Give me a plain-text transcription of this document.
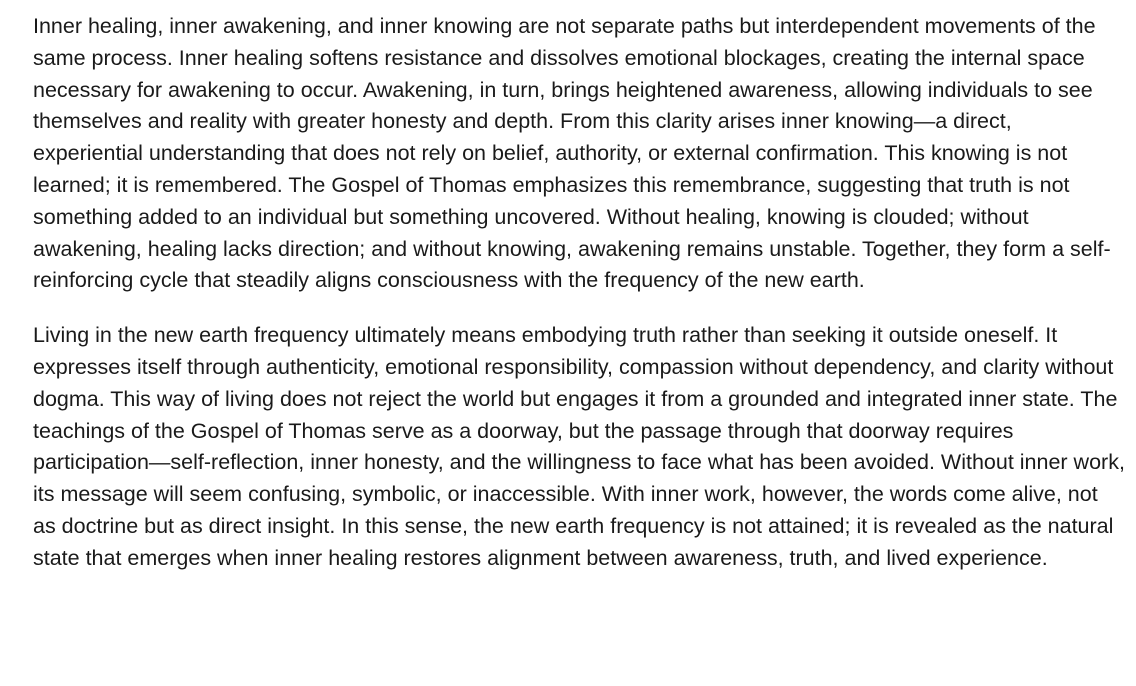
Inner healing, inner awakening, and inner knowing are not separate paths but interdependent movements of the same process. Inner healing softens resistance and dissolves emotional blockages, creating the internal space necessary for awakening to occur. Awakening, in turn, brings heightened awareness, allowing individuals to see themselves and reality with greater honesty and depth. From this clarity arises inner knowing—a direct, experiential understanding that does not rely on belief, authority, or external confirmation. This knowing is not learned; it is remembered. The Gospel of Thomas emphasizes this remembrance, suggesting that truth is not something added to an individual but something uncovered. Without healing, knowing is clouded; without awakening, healing lacks direction; and without knowing, awakening remains unstable. Together, they form a self-reinforcing cycle that steadily aligns consciousness with the frequency of the new earth.

Living in the new earth frequency ultimately means embodying truth rather than seeking it outside oneself. It expresses itself through authenticity, emotional responsibility, compassion without dependency, and clarity without dogma. This way of living does not reject the world but engages it from a grounded and integrated inner state. The teachings of the Gospel of Thomas serve as a doorway, but the passage through that doorway requires participation—self-reflection, inner honesty, and the willingness to face what has been avoided. Without inner work, its message will seem confusing, symbolic, or inaccessible. With inner work, however, the words come alive, not as doctrine but as direct insight. In this sense, the new earth frequency is not attained; it is revealed as the natural state that emerges when inner healing restores alignment between awareness, truth, and lived experience.
